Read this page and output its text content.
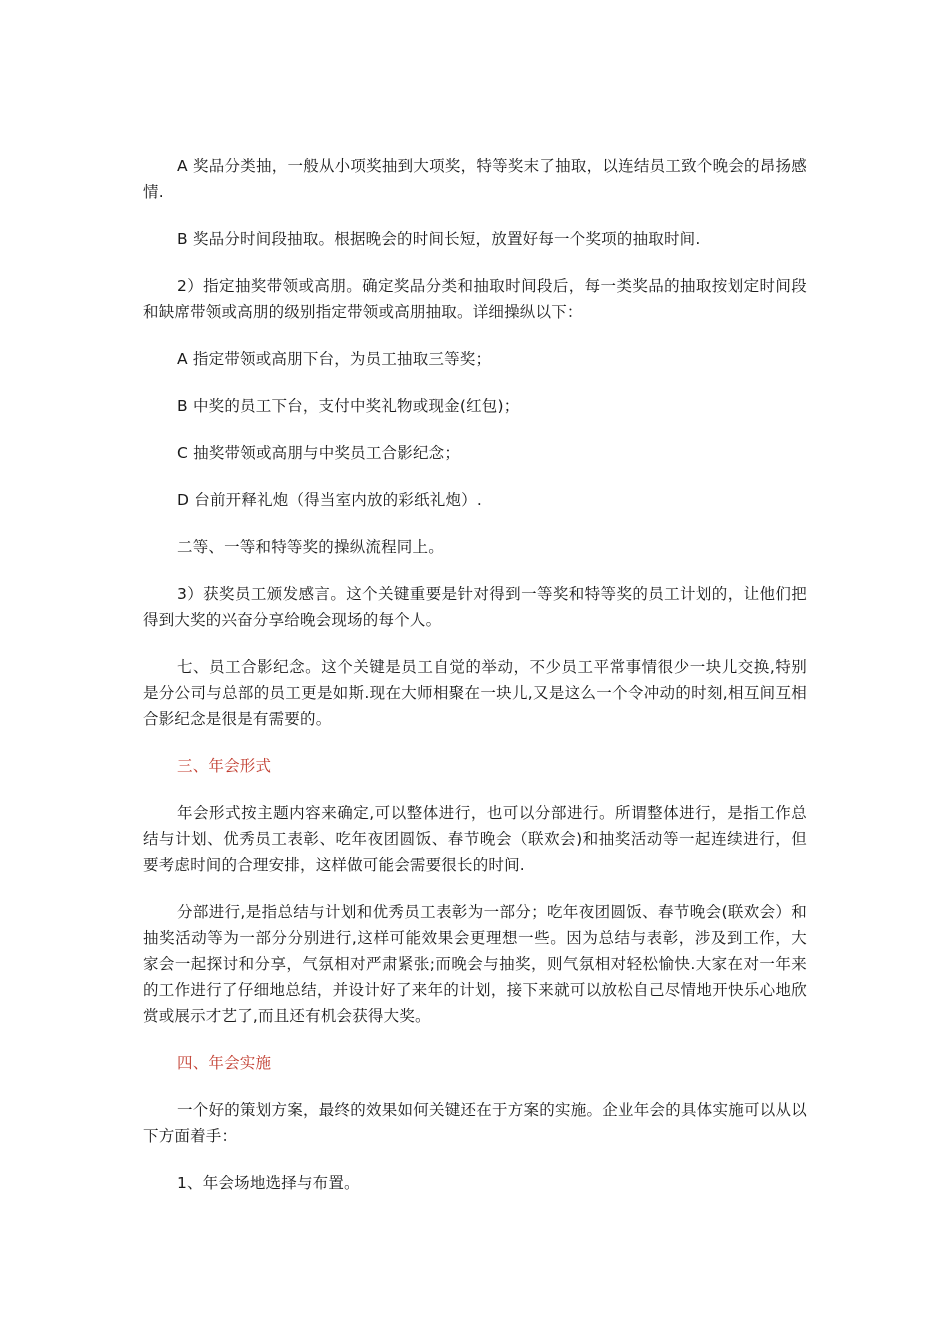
A 奖品分类抽，一般从小项奖抽到大项奖，特等奖末了抽取，以连结员工致个晚会的昂扬感情.

B 奖品分时间段抽取。根据晚会的时间长短，放置好每一个奖项的抽取时间.

2）指定抽奖带领或高朋。确定奖品分类和抽取时间段后，每一类奖品的抽取按划定时间段和缺席带领或高朋的级别指定带领或高朋抽取。详细操纵以下：

A 指定带领或高朋下台，为员工抽取三等奖；

B 中奖的员工下台，支付中奖礼物或现金(红包)；

C 抽奖带领或高朋与中奖员工合影纪念；

D 台前开释礼炮（得当室内放的彩纸礼炮）.

二等、一等和特等奖的操纵流程同上。

3）获奖员工颁发感言。这个关键重要是针对得到一等奖和特等奖的员工计划的，让他们把得到大奖的兴奋分享给晚会现场的每个人。

七、员工合影纪念。这个关键是员工自觉的举动，不少员工平常事情很少一块儿交换,特别是分公司与总部的员工更是如斯.现在大师相聚在一块儿,又是这么一个令冲动的时刻,相互间互相合影纪念是很是有需要的。

三、年会形式

年会形式按主题内容来确定,可以整体进行，也可以分部进行。所谓整体进行，是指工作总结与计划、优秀员工表彰、吃年夜团圆饭、春节晚会（联欢会)和抽奖活动等一起连续进行，但要考虑时间的合理安排，这样做可能会需要很长的时间.

分部进行,是指总结与计划和优秀员工表彰为一部分；吃年夜团圆饭、春节晚会(联欢会）和抽奖活动等为一部分分别进行,这样可能效果会更理想一些。因为总结与表彰，涉及到工作，大家会一起探讨和分享，气氛相对严肃紧张;而晚会与抽奖，则气氛相对轻松愉快.大家在对一年来的工作进行了仔细地总结，并设计好了来年的计划，接下来就可以放松自己尽情地开快乐心地欣赏或展示才艺了,而且还有机会获得大奖。

四、年会实施

一个好的策划方案，最终的效果如何关键还在于方案的实施。企业年会的具体实施可以从以下方面着手：

1、年会场地选择与布置。
